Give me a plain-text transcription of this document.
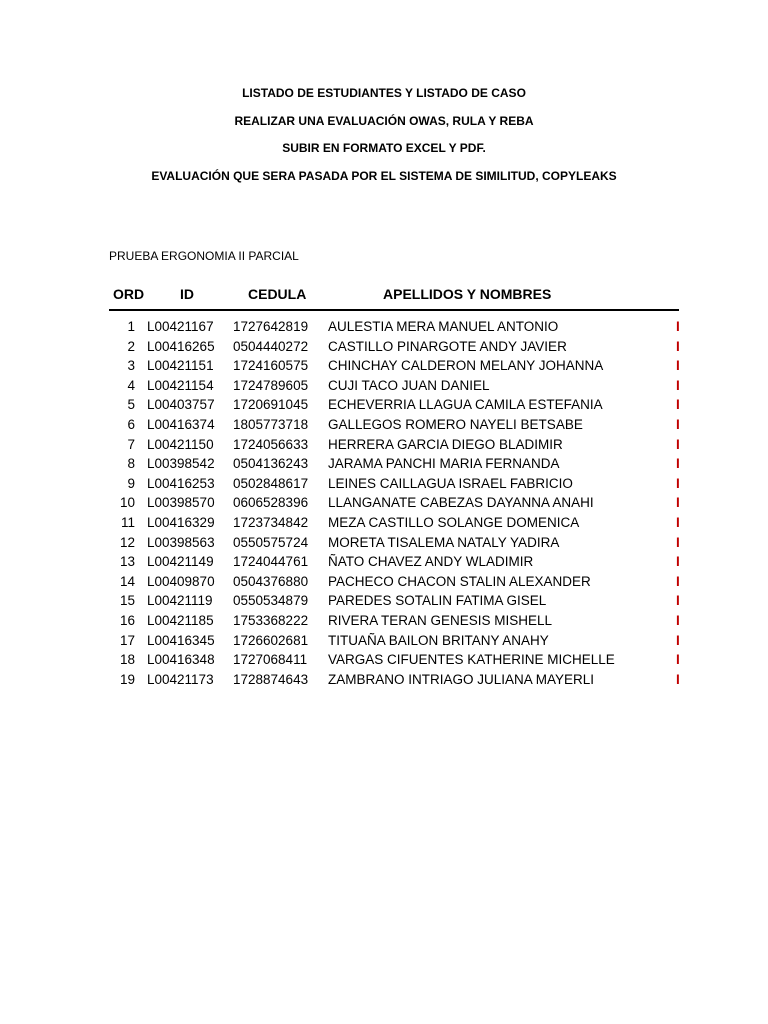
LISTADO DE ESTUDIANTES Y LISTADO DE CASO
REALIZAR UNA EVALUACIÓN OWAS, RULA Y REBA
SUBIR EN FORMATO EXCEL Y PDF.
EVALUACIÓN QUE SERA PASADA POR EL SISTEMA DE SIMILITUD, COPYLEAKS
PRUEBA ERGONOMIA II PARCIAL
ORD	ID	CEDULA	APELLIDOS Y NOMBRES
1 L00421167 1727642819 AULESTIA MERA MANUEL ANTONIO	I
2 L00416265 0504440272 CASTILLO PINARGOTE ANDY JAVIER	I
3 L00421151 1724160575 CHINCHAY CALDERON MELANY JOHANNA	I
4 L00421154 1724789605 CUJI TACO JUAN DANIEL	I
5 L00403757 1720691045 ECHEVERRIA LLAGUA CAMILA ESTEFANIA	I
6 L00416374 1805773718 GALLEGOS ROMERO NAYELI BETSABE	I
7 L00421150 1724056633 HERRERA GARCIA DIEGO BLADIMIR	I
8 L00398542 0504136243 JARAMA PANCHI MARIA FERNANDA	I
9 L00416253 0502848617 LEINES CAILLAGUA ISRAEL FABRICIO	I
10 L00398570 0606528396 LLANGANATE CABEZAS DAYANNA ANAHI	I
11 L00416329 1723734842 MEZA CASTILLO SOLANGE DOMENICA	I
12 L00398563 0550575724 MORETA TISALEMA NATALY YADIRA	I
13 L00421149 1724044761 ÑATO CHAVEZ ANDY WLADIMIR	I
14 L00409870 0504376880 PACHECO CHACON STALIN ALEXANDER	I
15 L00421119 0550534879 PAREDES SOTALIN FATIMA GISEL	I
16 L00421185 1753368222 RIVERA TERAN GENESIS MISHELL	I
17 L00416345 1726602681 TITUAÑA BAILON BRITANY ANAHY	I
18 L00416348 1727068411 VARGAS CIFUENTES KATHERINE MICHELLE	I
19 L00421173 1728874643 ZAMBRANO INTRIAGO JULIANA MAYERLI	I
